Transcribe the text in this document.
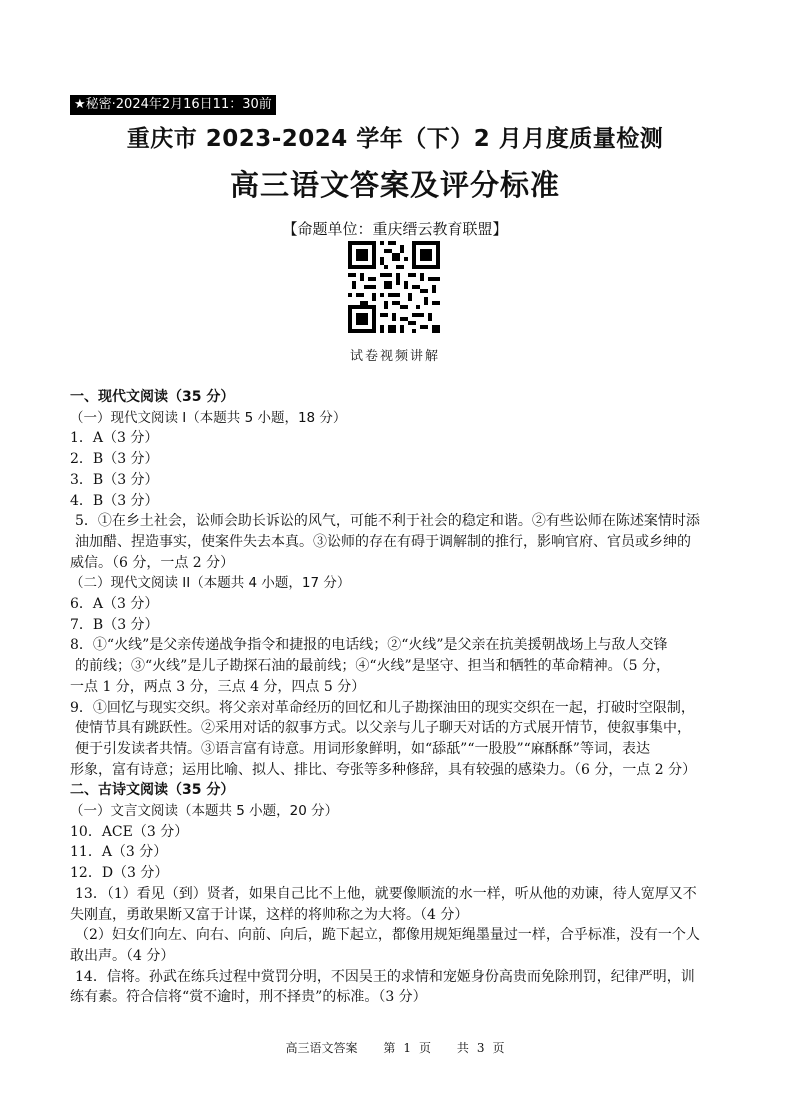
★秘密·2024年2月16日11：30前
重庆市 2023-2024 学年（下）2 月月度质量检测
高三语文答案及评分标准
【命题单位：重庆缙云教育联盟】
试卷视频讲解
一、现代文阅读（35 分）
（一）现代文阅读 I（本题共 5 小题，18 分）
1．A（3 分）
2．B（3 分）
3．B（3 分）
4．B（3 分）
5．①在乡土社会，讼师会助长诉讼的风气，可能不利于社会的稳定和谐。②有些讼师在陈述案情时添
油加醋、捏造事实，使案件失去本真。③讼师的存在有碍于调解制的推行，影响官府、官员或乡绅的
威信。（6 分，一点 2 分）
（二）现代文阅读 II（本题共 4 小题，17 分）
6．A（3 分）
7．B（3 分）
8．①“火线”是父亲传递战争指令和捷报的电话线；②“火线”是父亲在抗美援朝战场上与敌人交锋
的前线；③“火线”是儿子勘探石油的最前线；④“火线”是坚守、担当和牺牲的革命精神。（5 分，
一点 1 分，两点 3 分，三点 4 分，四点 5 分）
9．①回忆与现实交织。将父亲对革命经历的回忆和儿子勘探油田的现实交织在一起，打破时空限制，
使情节具有跳跃性。②采用对话的叙事方式。以父亲与儿子聊天对话的方式展开情节，使叙事集中，
便于引发读者共情。③语言富有诗意。用词形象鲜明，如“舔舐”“一股股”“麻酥酥”等词，表达
形象，富有诗意；运用比喻、拟人、排比、夸张等多种修辞，具有较强的感染力。（6 分，一点 2 分）
二、古诗文阅读（35 分）
（一）文言文阅读（本题共 5 小题，20 分）
10．ACE（3 分）
11．A（3 分）
12．D（3 分）
13．（1）看见（到）贤者，如果自己比不上他，就要像顺流的水一样，听从他的劝谏，待人宽厚又不
失刚直，勇敢果断又富于计谋，这样的将帅称之为大将。（4 分）
（2）妇女们向左、向右、向前、向后，跪下起立，都像用规矩绳墨量过一样，合乎标准，没有一个人
敢出声。（4 分）
14．信将。孙武在练兵过程中赏罚分明，不因吴王的求情和宠姬身份高贵而免除刑罚，纪律严明，训
练有素。符合信将“赏不逾时，刑不择贵”的标准。（3 分）
高三语文答案 第 1 页 共 3 页
